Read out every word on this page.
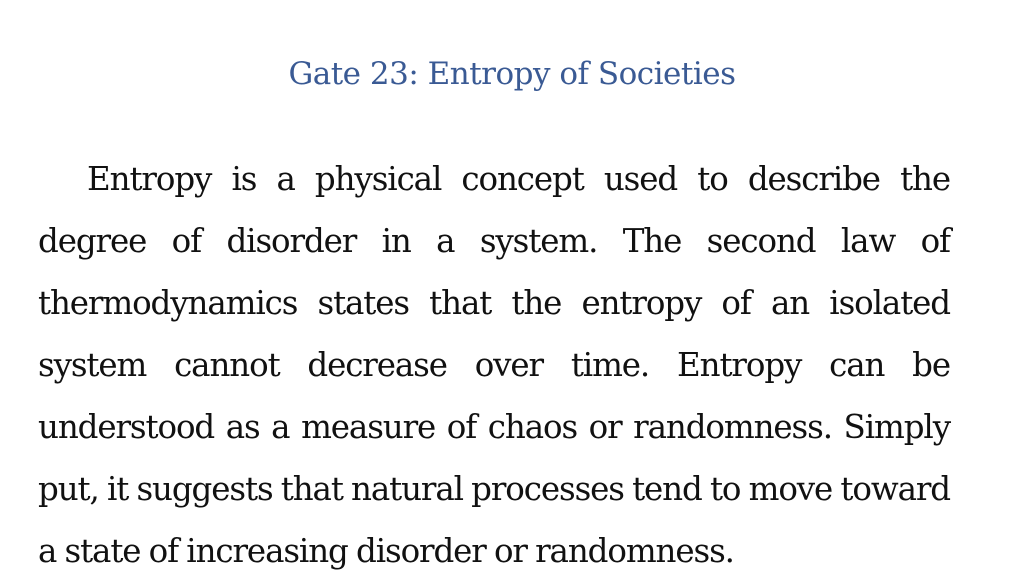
Gate 23: Entropy of Societies

Entropy is a physical concept used to describe the degree of disorder in a system. The second law of thermodynamics states that the entropy of an isolated system cannot decrease over time. Entropy can be understood as a measure of chaos or randomness. Simply put, it suggests that natural processes tend to move toward a state of increasing disorder or randomness.
